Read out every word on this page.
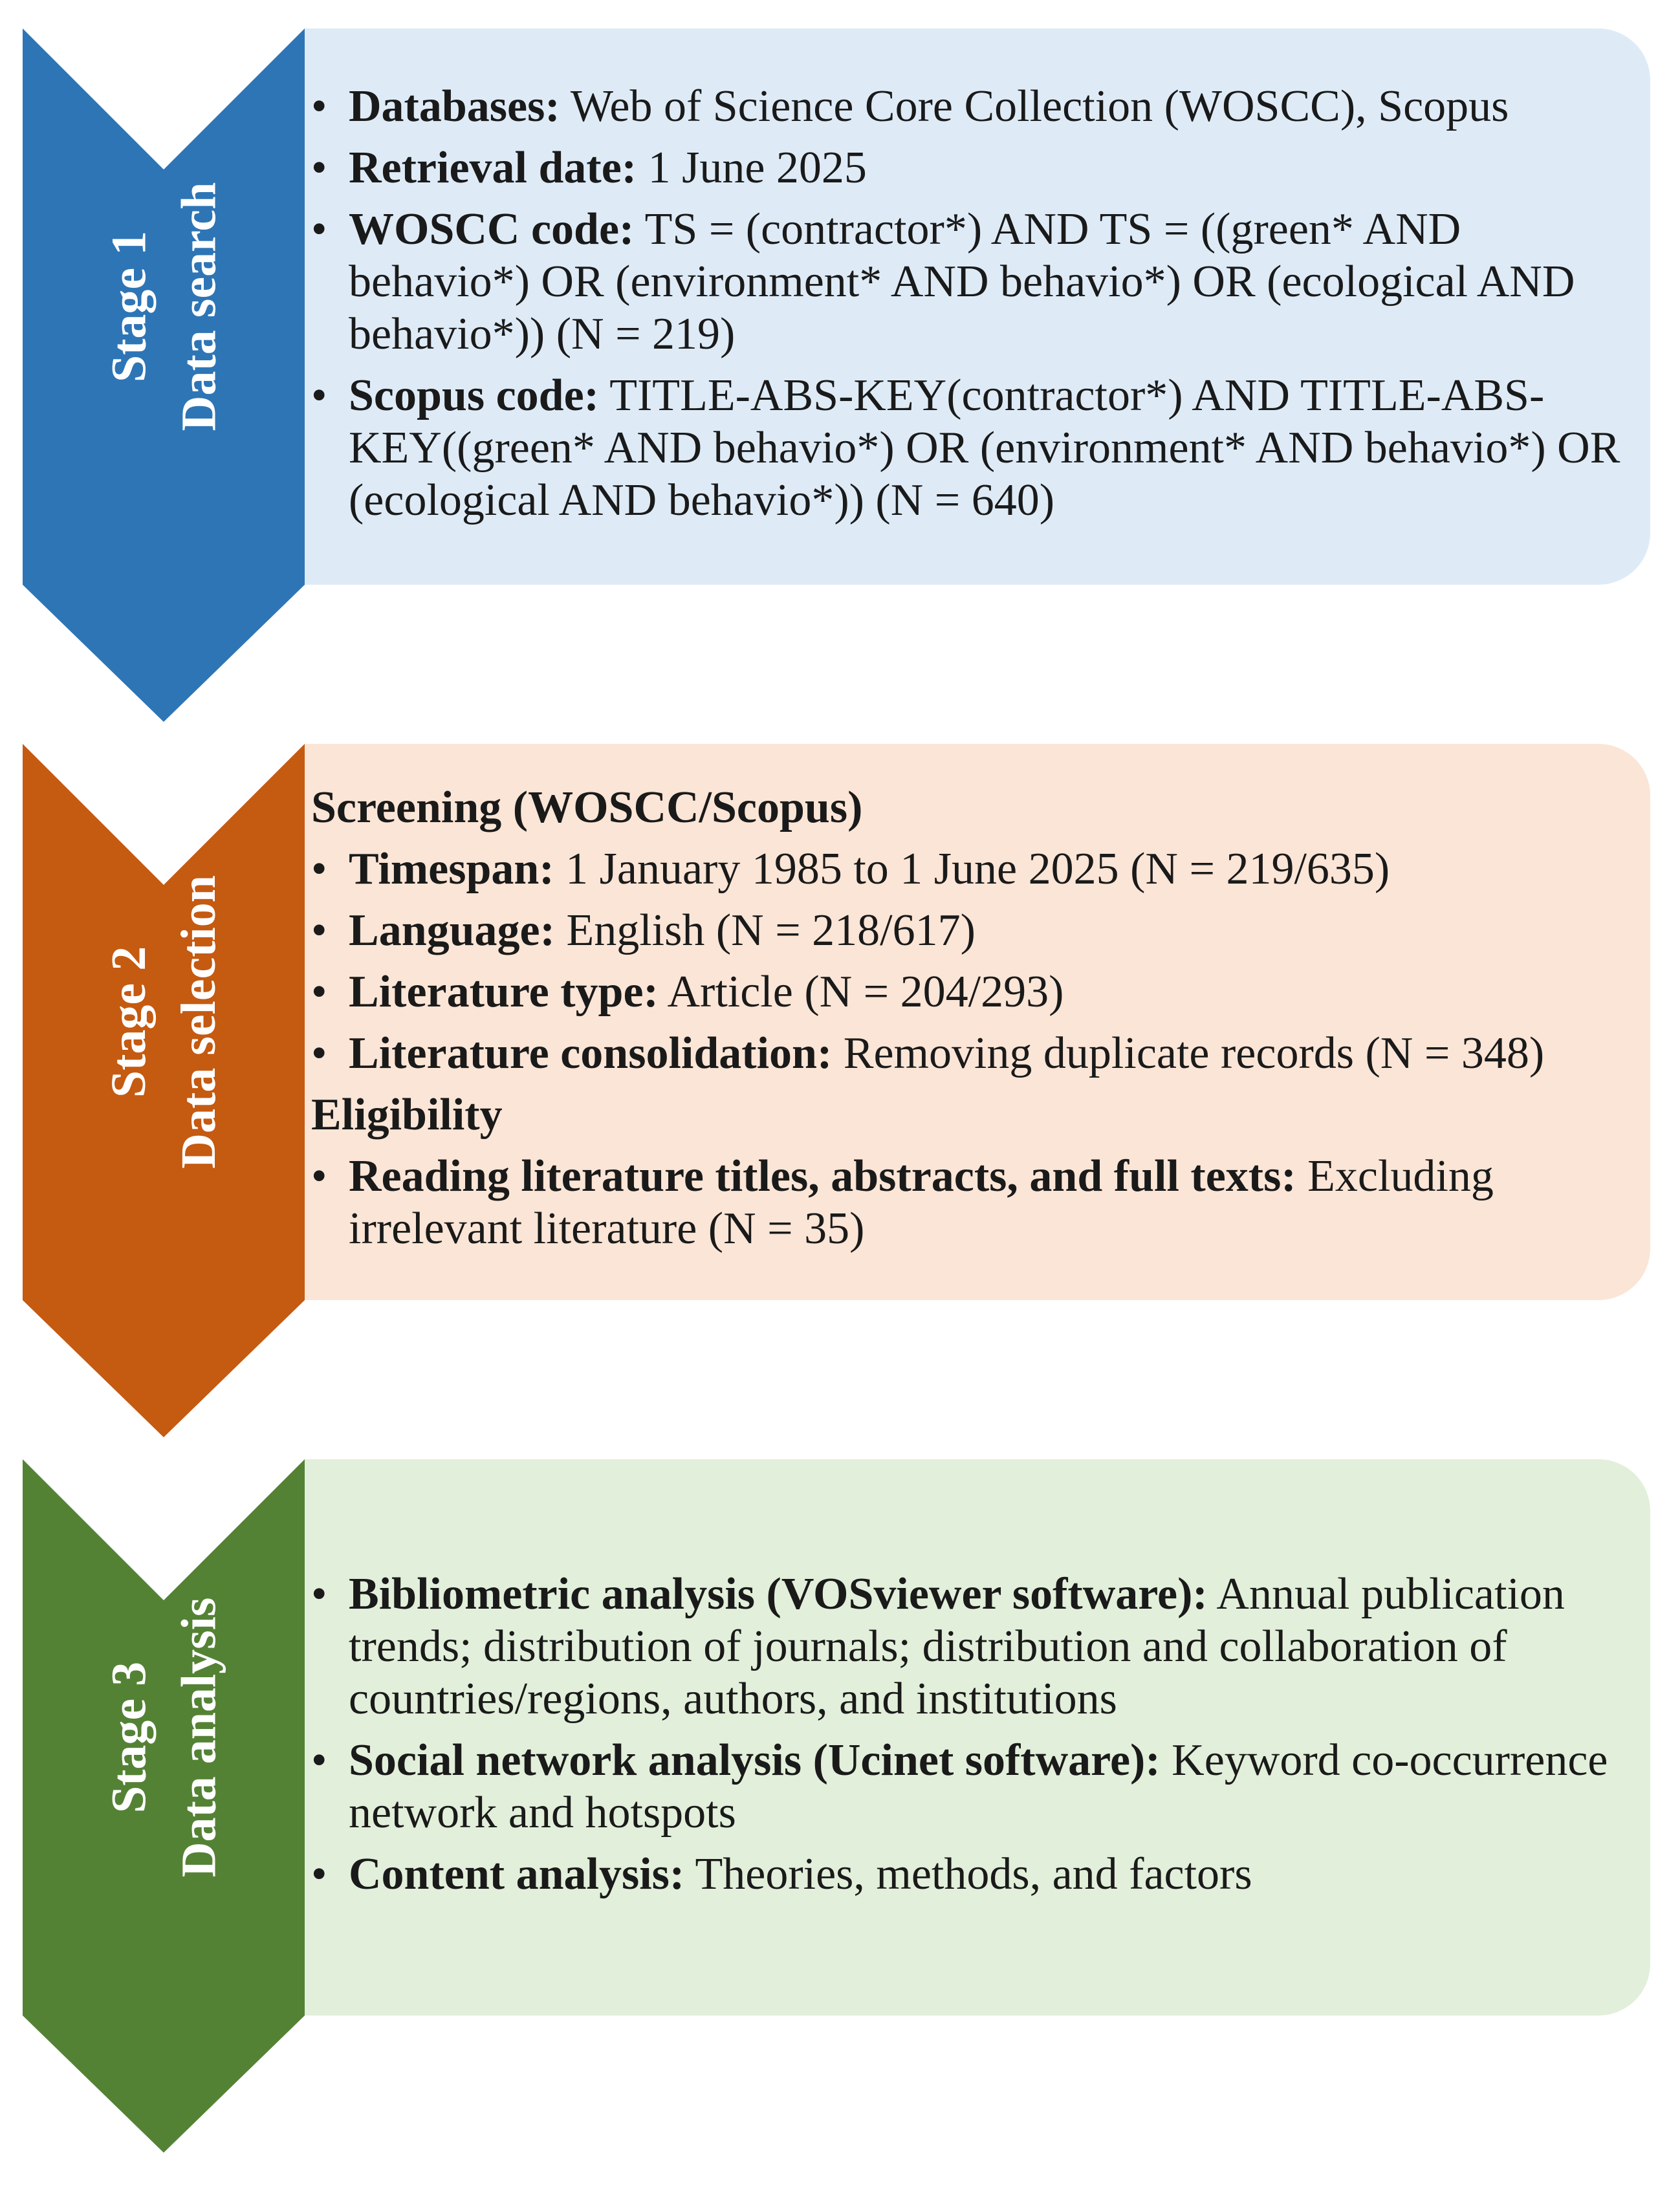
Stage 1 Data search
• Databases: Web of Science Core Collection (WOSCC), Scopus
• Retrieval date: 1 June 2025
• WOSCC code: TS = (contractor*) AND TS = ((green* AND behavio*) OR (environment* AND behavio*) OR (ecological AND behavio*)) (N = 219)
• Scopus code: TITLE-ABS-KEY(contractor*) AND TITLE-ABS-KEY((green* AND behavio*) OR (environment* AND behavio*) OR (ecological AND behavio*)) (N = 640)
Stage 2 Data selection
Screening (WOSCC/Scopus)
• Timespan: 1 January 1985 to 1 June 2025 (N = 219/635)
• Language: English (N = 218/617)
• Literature type: Article (N = 204/293)
• Literature consolidation: Removing duplicate records (N = 348)
Eligibility
• Reading literature titles, abstracts, and full texts: Excluding irrelevant literature (N = 35)
Stage 3 Data analysis
• Bibliometric analysis (VOSviewer software): Annual publication trends; distribution of journals; distribution and collaboration of countries/regions, authors, and institutions
• Social network analysis (Ucinet software): Keyword co-occurrence network and hotspots
• Content analysis: Theories, methods, and factors
